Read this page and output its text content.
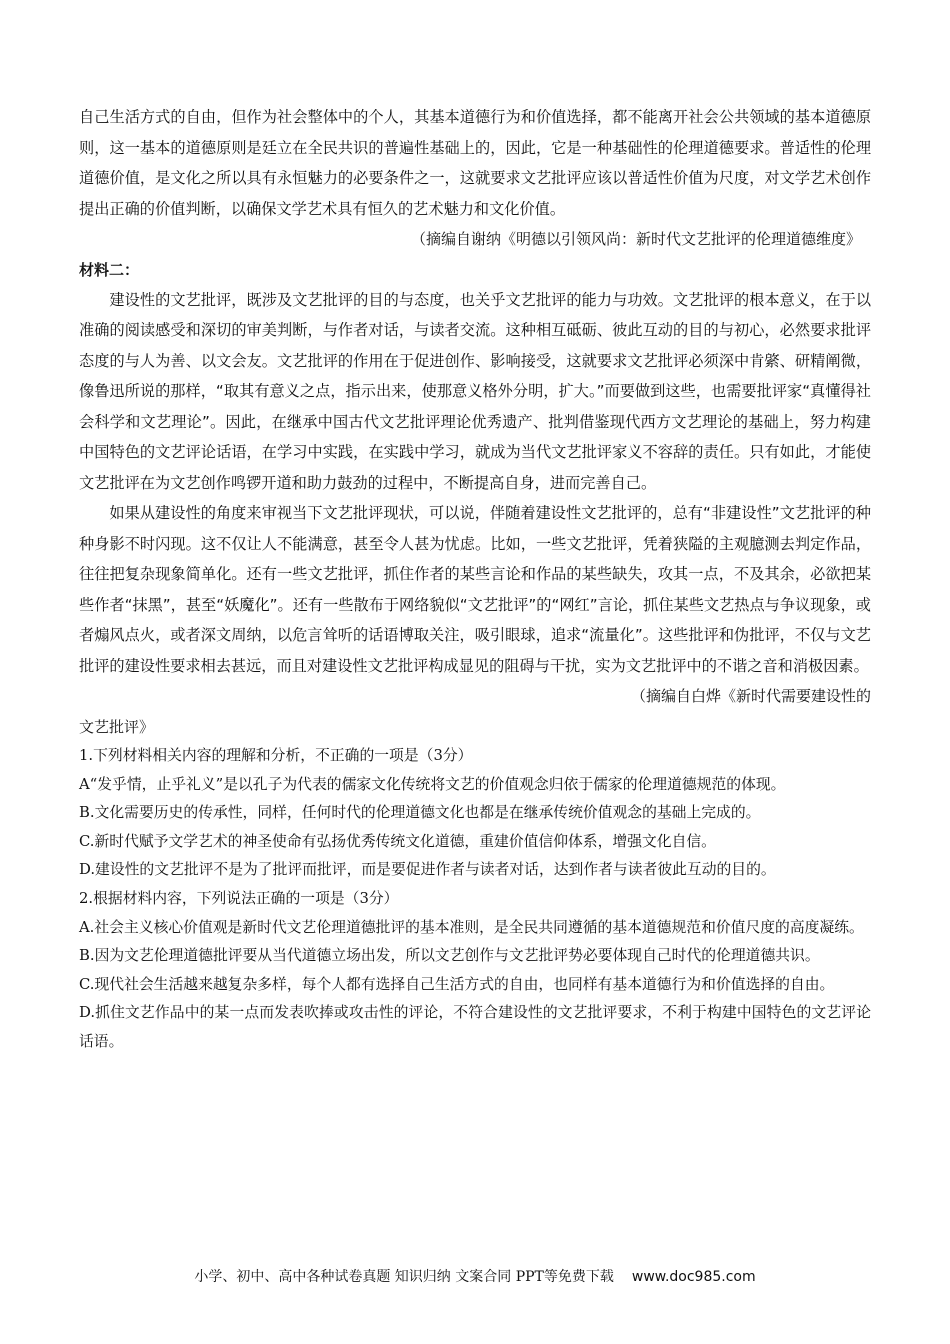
自己生活方式的自由，但作为社会整体中的个人，其基本道德行为和价值选择，都不能离开社会公共领域的基本道德原则，这一基本的道德原则是廷立在全民共识的普遍性基础上的，因此，它是一种基础性的伦理道德要求。普适性的伦理道德价值，是文化之所以具有永恒魅力的必要条件之一，这就要求文艺批评应该以普适性价值为尺度，对文学艺术创作提出正确的价值判断，以确保文学艺术具有恒久的艺术魅力和文化价值。

（摘编自谢纳《明德以引领风尚：新时代文艺批评的伦理道德维度》

材料二：

建设性的文艺批评，既涉及文艺批评的目的与态度，也关乎文艺批评的能力与功效。文艺批评的根本意义，在于以准确的阅读感受和深切的审美判断，与作者对话，与读者交流。这种相互砥砺、彼此互动的目的与初心，必然要求批评态度的与人为善、以文会友。文艺批评的作用在于促进创作、影响接受，这就要求文艺批评必须深中肯綮、研精阐微，像鲁迅所说的那样，“取其有意义之点，指示出来，使那意义格外分明，扩大。”而要做到这些，也需要批评家“真懂得社会科学和文艺理论”。因此，在继承中国古代文艺批评理论优秀遗产、批判借鉴现代西方文艺理论的基础上，努力构建中国特色的文艺评论话语，在学习中实践，在实践中学习，就成为当代文艺批评家义不容辞的责任。只有如此，才能使文艺批评在为文艺创作鸣锣开道和助力鼓劲的过程中，不断提高自身，进而完善自己。

如果从建设性的角度来审视当下文艺批评现状，可以说，伴随着建设性文艺批评的，总有“非建设性”文艺批评的种种身影不时闪现。这不仅让人不能满意，甚至令人甚为忧虑。比如，一些文艺批评，凭着狭隘的主观臆测去判定作品，往往把复杂现象简单化。还有一些文艺批评，抓住作者的某些言论和作品的某些缺失，攻其一点，不及其余，必欲把某些作者“抹黑”，甚至“妖魔化”。还有一些散布于网络貌似“文艺批评”的“网红”言论，抓住某些文艺热点与争议现象，或者煽风点火，或者深文周纳，以危言耸听的话语博取关注，吸引眼球，追求“流量化”。这些批评和伪批评，不仅与文艺批评的建设性要求相去甚远，而且对建设性文艺批评构成显见的阻碍与干扰，实为文艺批评中的不谐之音和消极因素。

（摘编自白烨《新时代需要建设性的文艺批评》

1.下列材料相关内容的理解和分析，不正确的一项是（3分）

A“发乎情，止乎礼义”是以孔子为代表的儒家文化传统将文艺的价值观念归依于儒家的伦理道德规范的体现。

B.文化需要历史的传承性，同样，任何时代的伦理道德文化也都是在继承传统价值观念的基础上完成的。

C.新时代赋予文学艺术的神圣使命有弘扬优秀传统文化道德，重建价值信仰体系，增强文化自信。

D.建设性的文艺批评不是为了批评而批评，而是要促进作者与读者对话，达到作者与读者彼此互动的目的。

2.根据材料内容，下列说法正确的一项是（3分）

A.社会主义核心价值观是新时代文艺伦理道德批评的基本准则，是全民共同遵循的基本道德规范和价值尺度的高度凝练。

B.因为文艺伦理道德批评要从当代道德立场出发，所以文艺创作与文艺批评势必要体现自己时代的伦理道德共识。

C.现代社会生活越来越复杂多样，每个人都有选择自己生活方式的自由，也同样有基本道德行为和价值选择的自由。

D.抓住文艺作品中的某一点而发表吹捧或攻击性的评论，不符合建设性的文艺批评要求，不利于构建中国特色的文艺评论话语。

小学、初中、高中各种试卷真题 知识归纳 文案合同 PPT等免费下载 www.doc985.com
